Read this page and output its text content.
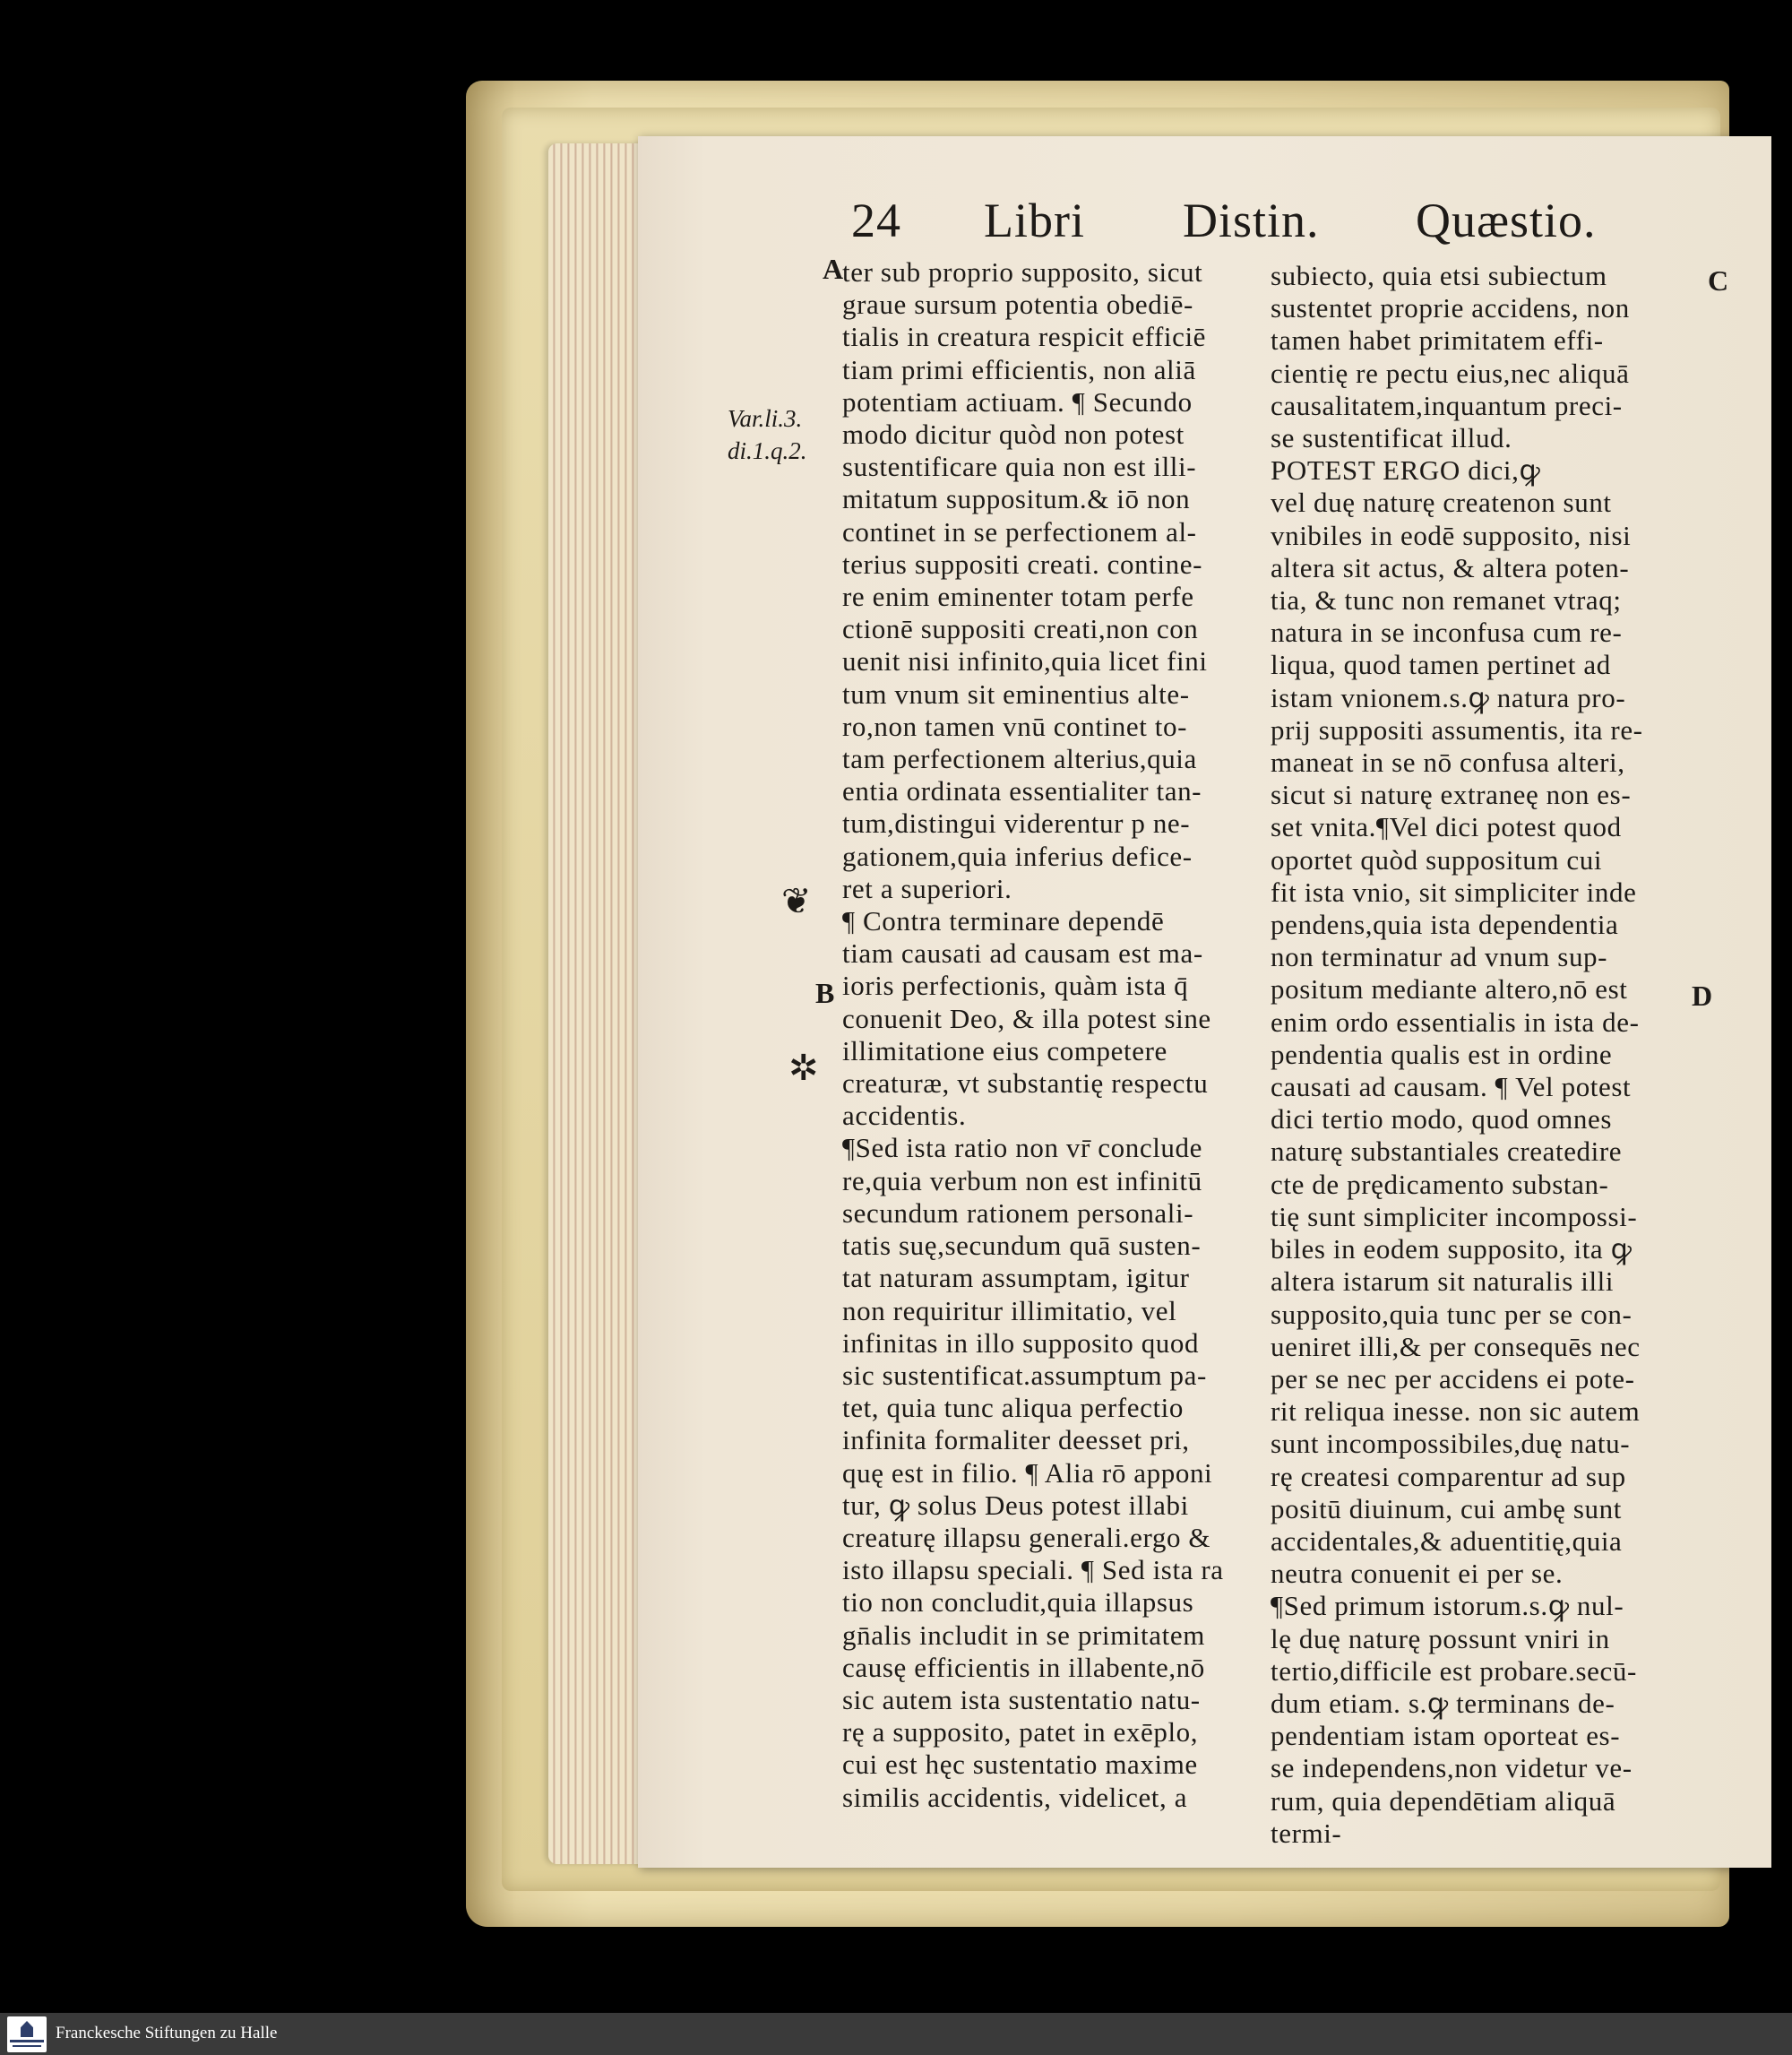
24 Libri Distin. Quæstio.
A
Var.li.3.
di.1.q.2.
❦
B
✲
C
D
ter sub proprio supposito, sicut
graue sursum potentia obediē-
tialis in creatura respicit efficiē
tiam primi efficientis, non aliā
potentiam actiuam. ¶ Secundo
modo dicitur quòd non potest
sustentificare quia non est illi-
mitatum suppositum.& iō non
continet in se perfectionem al-
terius suppositi creati. contine-
re enim eminenter totam perfe
ctionē suppositi creati,non con
uenit nisi infinito,quia licet fini
tum vnum sit eminentius alte-
ro,non tamen vnū continet to-
tam perfectionem alterius,quia
entia ordinata essentialiter tan-
tum,distingui viderentur p ne-
gationem,quia inferius defice-
ret a superiori.
¶ Contra terminare dependē
tiam causati ad causam est ma-
ioris perfectionis, quàm ista q̄
conuenit Deo, & illa potest sine
illimitatione eius competere
creaturæ, vt substantię respectu
accidentis.
¶Sed ista ratio non vr̄ conclude
re,quia verbum non est infinitū
secundum rationem personali-
tatis suę,secundum quā susten-
tat naturam assumptam, igitur
non requiritur illimitatio, vel
infinitas in illo supposito quod
sic sustentificat.assumptum pa-
tet, quia tunc aliqua perfectio
infinita formaliter deesset pri,
quę est in filio. ¶ Alia rō apponi
tur, ꝙ solus Deus potest illabi
creaturę illapsu generali.ergo &
isto illapsu speciali. ¶ Sed ista ra
tio non concludit,quia illapsus
gn̄alis includit in se primitatem
causę efficientis in illabente,nō
sic autem ista sustentatio natu-
rę a supposito, patet in exēplo,
cui est hęc sustentatio maxime
similis accidentis, videlicet, a
subiecto, quia etsi subiectum
sustentet proprie accidens, non
tamen habet primitatem effi-
cientię re pectu eius,nec aliquā
causalitatem,inquantum preci-
se sustentificat illud.
POTEST ERGO dici,ꝙ
vel duę naturę createnon sunt
vnibiles in eodē supposito, nisi
altera sit actus, & altera poten-
tia, & tunc non remanet vtraq;
natura in se inconfusa cum re-
liqua, quod tamen pertinet ad
istam vnionem.s.ꝙ natura pro-
prij suppositi assumentis, ita re-
maneat in se nō confusa alteri,
sicut si naturę extraneę non es-
set vnita.¶Vel dici potest quod
oportet quòd suppositum cui
fit ista vnio, sit simpliciter inde
pendens,quia ista dependentia
non terminatur ad vnum sup-
positum mediante altero,nō est
enim ordo essentialis in ista de-
pendentia qualis est in ordine
causati ad causam. ¶ Vel potest
dici tertio modo, quod omnes
naturę substantiales createdire
cte de prędicamento substan-
tię sunt simpliciter incompossi-
biles in eodem supposito, ita ꝙ
altera istarum sit naturalis illi
supposito,quia tunc per se con-
ueniret illi,& per consequēs nec
per se nec per accidens ei pote-
rit reliqua inesse. non sic autem
sunt incompossibiles,duę natu-
rę createsi comparentur ad sup
positū diuinum, cui ambę sunt
accidentales,& aduentitię,quia
neutra conuenit ei per se.
¶Sed primum istorum.s.ꝙ nul-
lę duę naturę possunt vniri in
tertio,difficile est probare.secū-
dum etiam. s.ꝙ terminans de-
pendentiam istam oporteat es-
se independens,non videtur ve-
rum, quia dependētiam aliquā
termi-
Franckesche Stiftungen zu Halle
